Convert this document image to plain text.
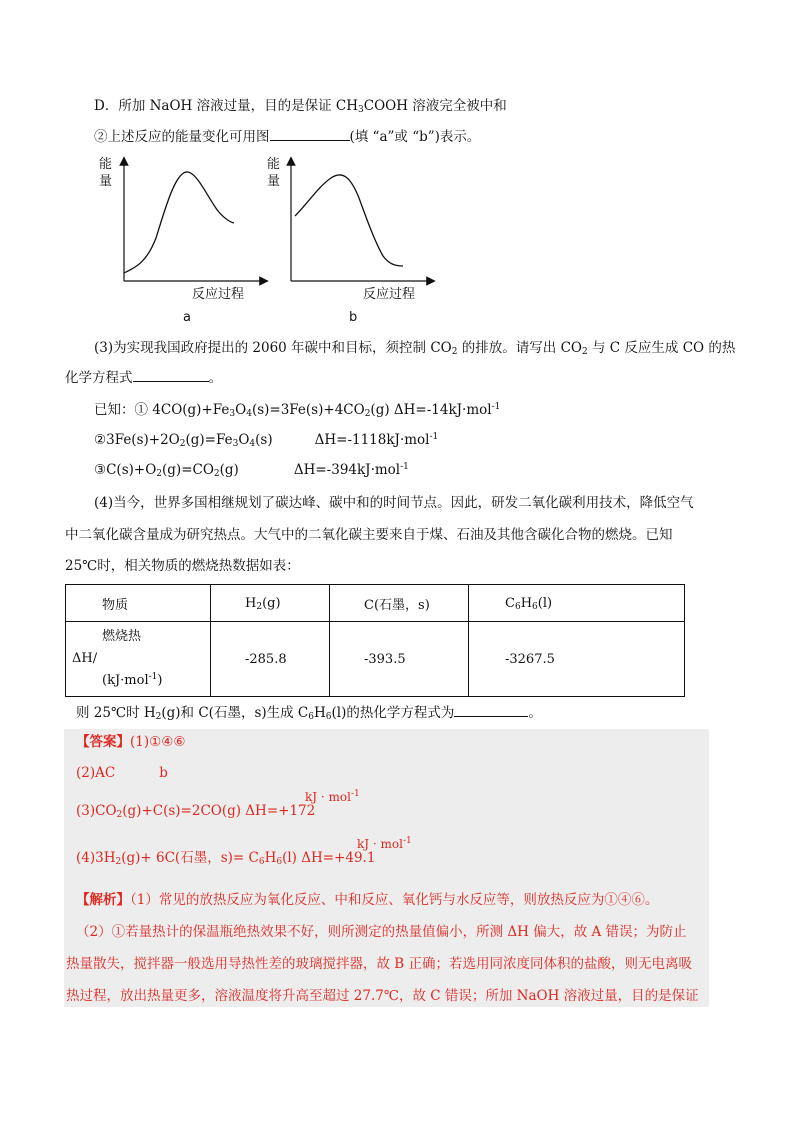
D．所加 NaOH 溶液过量，目的是保证 $CH_3COOH$ 溶液完全被中和
②上述反应的能量变化可用图	(填 “a”或 “b”)表示。
能
量
反应过程
a
能
量
反应过程
b
(3)为实现我国政府提出的 2060 年碳中和目标，须控制 $CO_2$ 的排放。请写出 $CO_2$ 与 C 反应生成 CO 的热
化学方程式	。
已知：① $4CO(g)+Fe_3O_4(s)=3Fe(s)+4CO_2(g)$ ΔH=-14kJ·mol$^{-1}$
$②3Fe(s)+2O_2(g)=Fe_3O_4(s)$	ΔH=-1118kJ·mol$^{-1}$
$③C(s)+O_2(g)=CO_2(g)$	ΔH=-394kJ·mol$^{-1}$
(4)当今，世界多国相继规划了碳达峰、碳中和的时间节点。因此，研发二氧化碳利用技术，降低空气
中二氧化碳含量成为研究热点。大气中的二氧化碳主要来自于煤、石油及其他含碳化合物的燃烧。已知
25℃时，相关物质的燃烧热数据如表：
物质	$H_2(g)$	C(石墨，s)	$C_6H_6(l)$

燃烧热
ΔH/
(kJ·mol$^{-1}$)	-285.8	-393.5	-3267.5
则 25℃时 $H_2(g)$和 C(石墨，s)生成 $C_6H_6(l)$的热化学方程式为	。
【答案】(1)①④⑥
(2)AC	b
$(3)CO_2(g)+C(s)=2CO(g)$ ΔH=+172
kJ · mol$^{-1}$
$(4)3H_2(g)+ 6C$(石墨，$s)= C_6H_6(l)$ ΔH=+49.1
kJ · mol$^{-1}$
【解析】（1）常见的放热反应为氧化反应、中和反应、氧化钙与水反应等，则放热反应为①④⑥。
（2）①若量热计的保温瓶绝热效果不好，则所测定的热量值偏小，所测 ΔH 偏大，故 A 错误；为防止
热量散失，搅拌器一般选用导热性差的玻璃搅拌器，故 B 正确；若选用同浓度同体积的盐酸，则无电离吸
热过程，放出热量更多，溶液温度将升高至超过 27.7℃，故 C 错误；所加 NaOH 溶液过量，目的是保证
